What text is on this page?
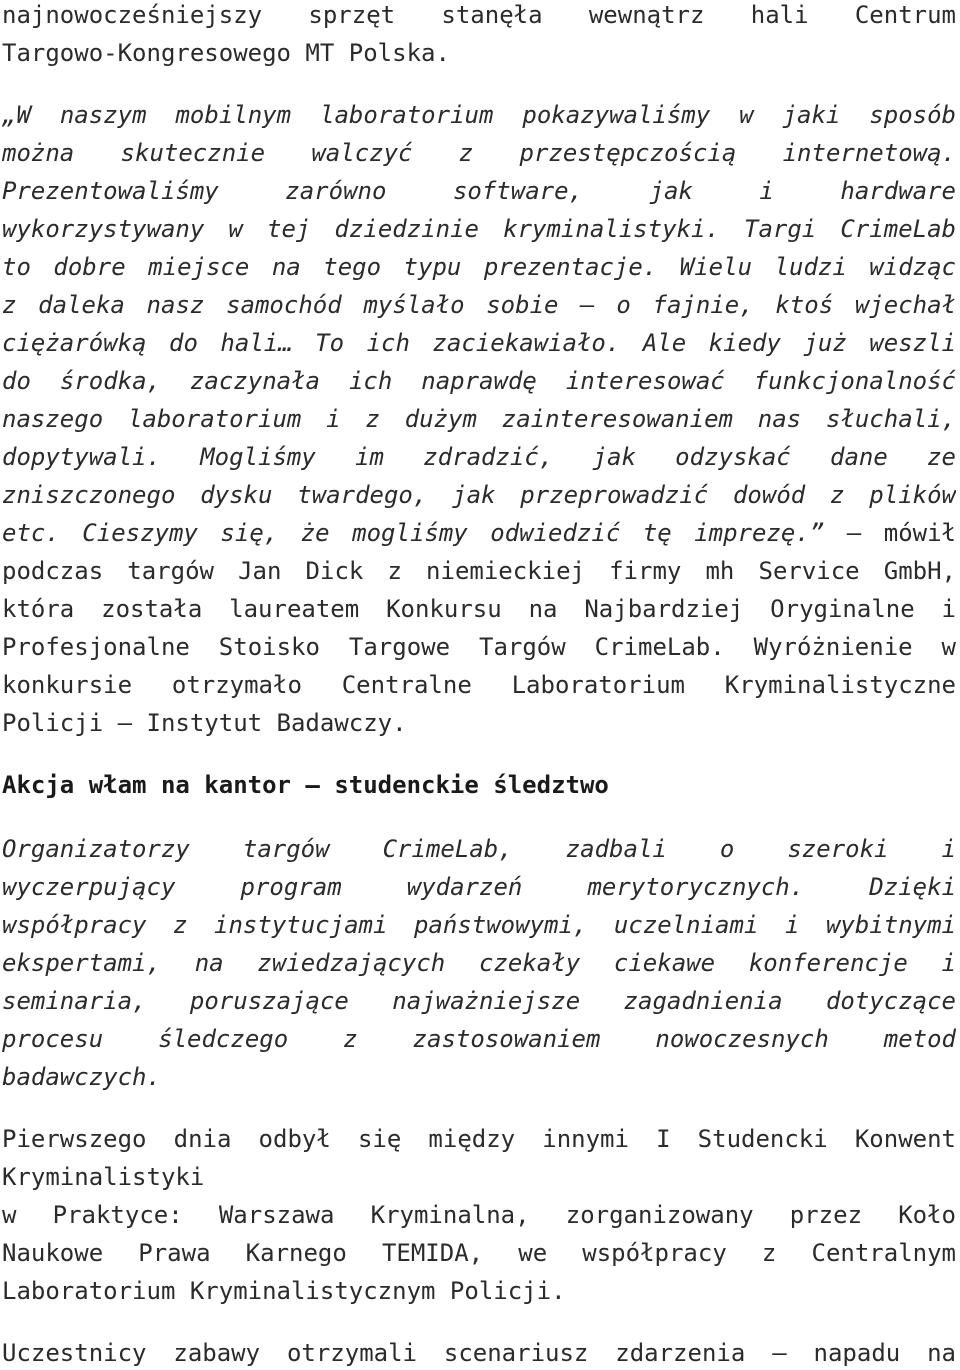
najnowocześniejszy sprzęt stanęła wewnątrz hali Centrum
Targowo-Kongresowego MT Polska.
„W naszym mobilnym laboratorium pokazywaliśmy w jaki sposób
można skutecznie walczyć z przestępczością internetową.
Prezentowaliśmy zarówno software, jak i hardware
wykorzystywany w tej dziedzinie kryminalistyki. Targi CrimeLab
to dobre miejsce na tego typu prezentacje. Wielu ludzi widząc
z daleka nasz samochód myślało sobie – o fajnie, ktoś wjechał
ciężarówką do hali… To ich zaciekawiało. Ale kiedy już weszli
do środka, zaczynała ich naprawdę interesować funkcjonalność
naszego laboratorium i z dużym zainteresowaniem nas słuchali,
dopytywali. Mogliśmy im zdradzić, jak odzyskać dane ze
zniszczonego dysku twardego, jak przeprowadzić dowód z plików
etc. Cieszymy się, że mogliśmy odwiedzić tę imprezę.” – mówił
podczas targów Jan Dick z niemieckiej firmy mh Service GmbH,
która została laureatem Konkursu na Najbardziej Oryginalne i
Profesjonalne Stoisko Targowe Targów CrimeLab. Wyróżnienie w
konkursie otrzymało Centralne Laboratorium Kryminalistyczne
Policji – Instytut Badawczy.
Akcja włam na kantor – studenckie śledztwo
Organizatorzy targów CrimeLab, zadbali o szeroki i
wyczerpujący program wydarzeń merytorycznych. Dzięki
współpracy z instytucjami państwowymi, uczelniami i wybitnymi
ekspertami, na zwiedzających czekały ciekawe konferencje i
seminaria, poruszające najważniejsze zagadnienia dotyczące
procesu śledczego z zastosowaniem nowoczesnych metod
badawczych.
Pierwszego dnia odbył się między innymi I Studencki Konwent
Kryminalistyki
w Praktyce: Warszawa Kryminalna, zorganizowany przez Koło
Naukowe Prawa Karnego TEMIDA, we współpracy z Centralnym
Laboratorium Kryminalistycznym Policji.
Uczestnicy zabawy otrzymali scenariusz zdarzenia – napadu na
